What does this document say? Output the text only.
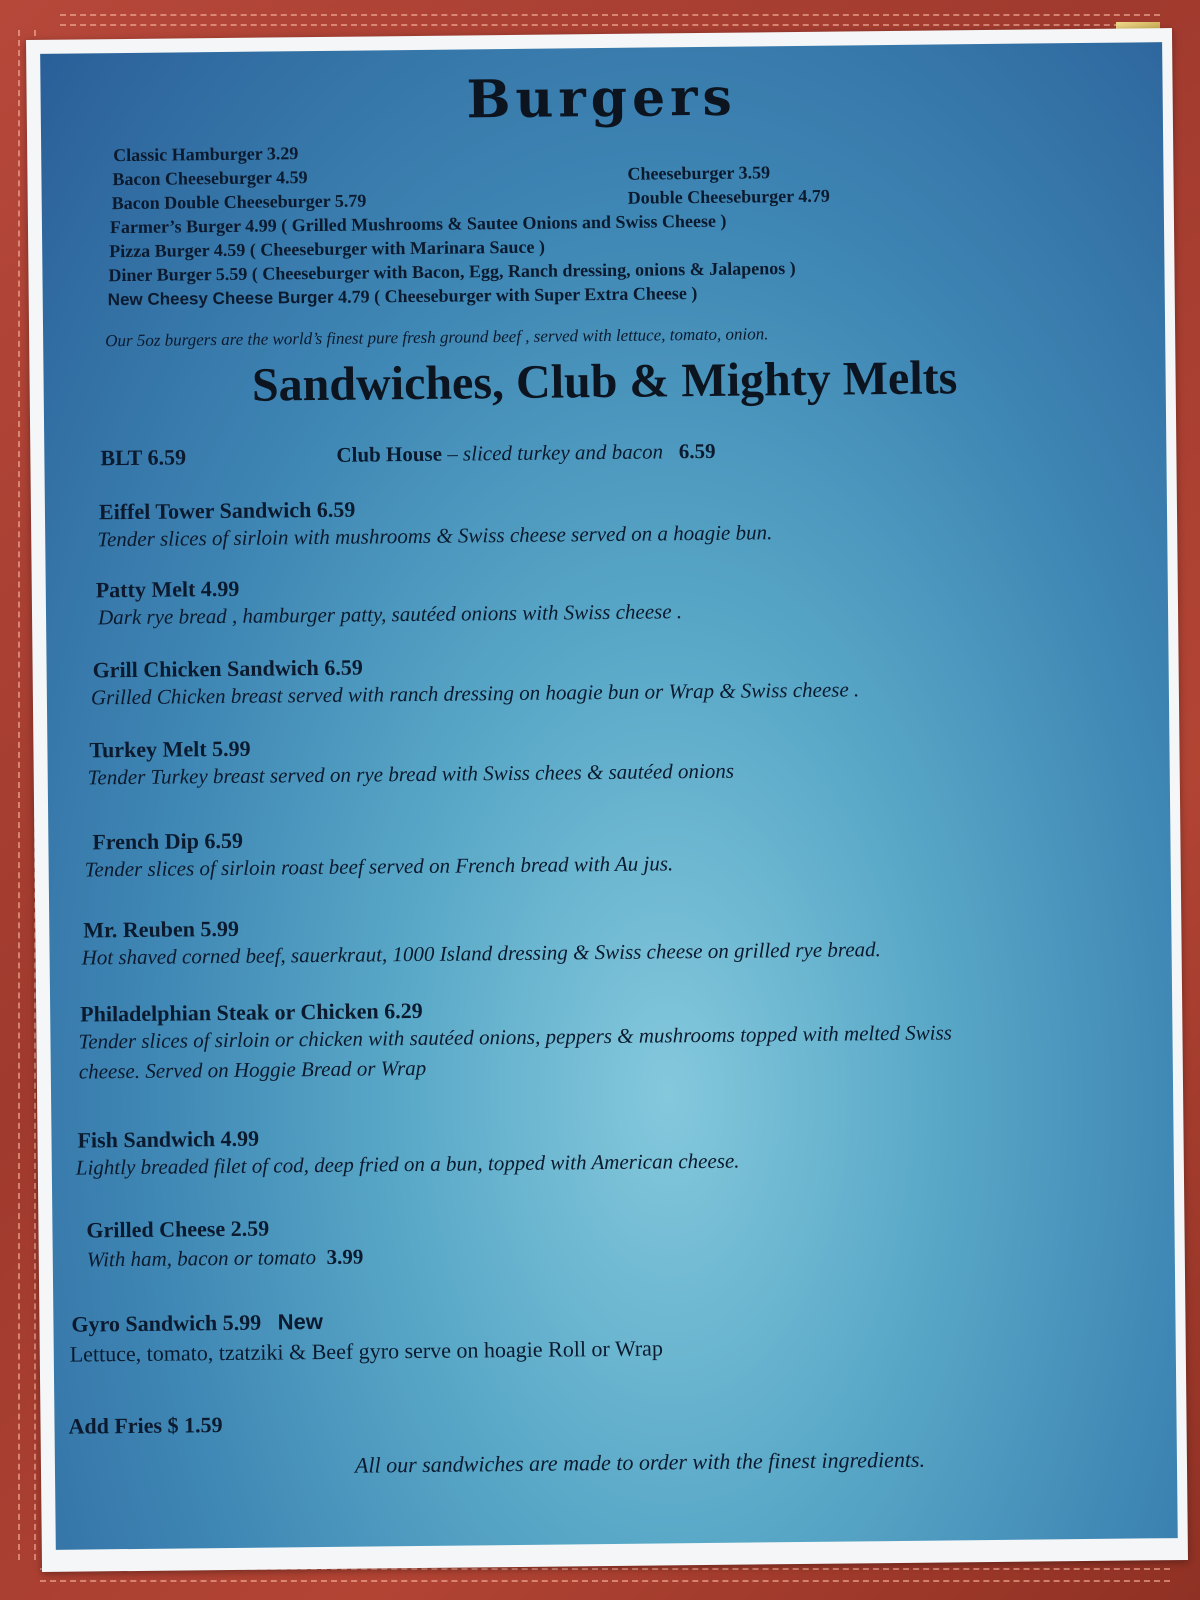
Burgers
Classic Hamburger 3.29
Bacon Cheeseburger 4.59
Bacon Double Cheeseburger 5.79
Farmer’s Burger 4.99 ( Grilled Mushrooms & Sautee Onions and Swiss Cheese )
Pizza Burger 4.59 ( Cheeseburger with Marinara Sauce )
Diner Burger 5.59 ( Cheeseburger with Bacon, Egg, Ranch dressing, onions & Jalapenos )
New Cheesy Cheese Burger 4.79 ( Cheeseburger with Super Extra Cheese )
Cheeseburger 3.59
Double Cheeseburger 4.79
Our 5oz burgers are the world’s finest pure fresh ground beef , served with lettuce, tomato, onion.
Sandwiches, Club & Mighty Melts
BLT 6.59	Club House – sliced turkey and bacon 6.59
Eiffel Tower Sandwich 6.59
Tender slices of sirloin with mushrooms & Swiss cheese served on a hoagie bun.
Patty Melt 4.99
Dark rye bread , hamburger patty, sautéed onions with Swiss cheese .
Grill Chicken Sandwich 6.59
Grilled Chicken breast served with ranch dressing on hoagie bun or Wrap & Swiss cheese .
Turkey Melt 5.99
Tender Turkey breast served on rye bread with Swiss chees & sautéed onions
French Dip 6.59
Tender slices of sirloin roast beef served on French bread with Au jus.
Mr. Reuben 5.99
Hot shaved corned beef, sauerkraut, 1000 Island dressing & Swiss cheese on grilled rye bread.
Philadelphian Steak or Chicken 6.29
Tender slices of sirloin or chicken with sautéed onions, peppers & mushrooms topped with melted Swiss
cheese. Served on Hoggie Bread or Wrap
Fish Sandwich 4.99
Lightly breaded filet of cod, deep fried on a bun, topped with American cheese.
Grilled Cheese 2.59
With ham, bacon or tomato 3.99
Gyro Sandwich 5.99 New
Lettuce, tomato, tzatziki & Beef gyro serve on hoagie Roll or Wrap
Add Fries $ 1.59
All our sandwiches are made to order with the finest ingredients.
